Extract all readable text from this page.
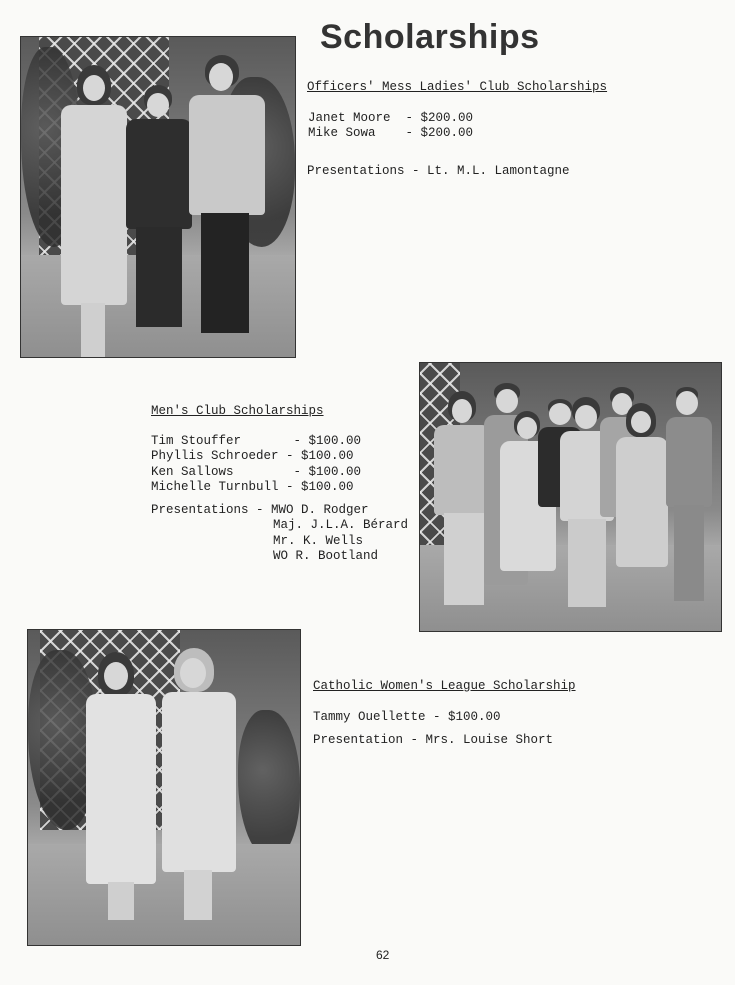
Scholarships
Officers' Mess Ladies' Club Scholarships
Janet Moore  - $200.00
Mike Sowa    - $200.00
Presentations - Lt. M.L. Lamontagne
Men's Club Scholarships
Tim Stouffer       - $100.00
Phyllis Schroeder - $100.00
Ken Sallows        - $100.00
Michelle Turnbull - $100.00
Presentations - MWO D. Rodger
Maj. J.L.A. Bérard
Mr. K. Wells
WO R. Bootland
Catholic Women's League Scholarship
Tammy Ouellette - $100.00
Presentation - Mrs. Louise Short
62
